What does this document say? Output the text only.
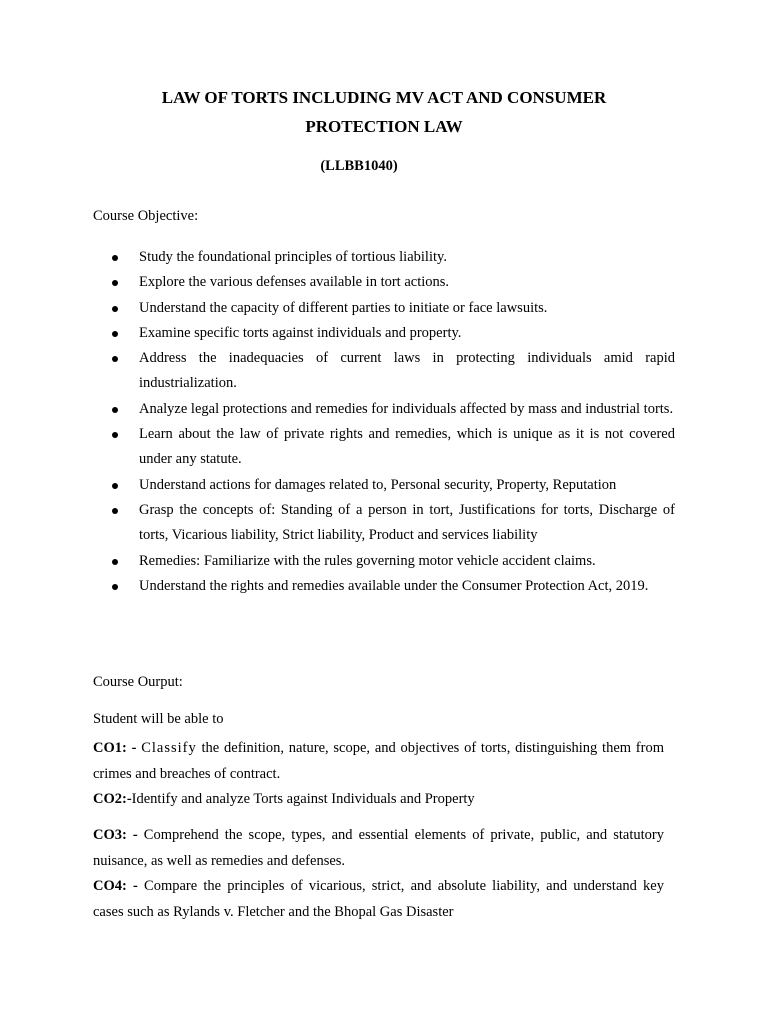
LAW OF TORTS INCLUDING MV ACT AND CONSUMER
PROTECTION LAW
(LLBB1040)
Course Objective:
Study the foundational principles of tortious liability.
Explore the various defenses available in tort actions.
Understand the capacity of different parties to initiate or face lawsuits.
Examine specific torts against individuals and property.
Address the inadequacies of current laws in protecting individuals amid rapid industrialization.
Analyze legal protections and remedies for individuals affected by mass and industrial torts.
Learn about the law of private rights and remedies, which is unique as it is not covered under any statute.
Understand actions for damages related to, Personal security, Property, Reputation
Grasp the concepts of: Standing of a person in tort, Justifications for torts, Discharge of torts, Vicarious liability, Strict liability, Product and services liability
Remedies: Familiarize with the rules governing motor vehicle accident claims.
Understand the rights and remedies available under the Consumer Protection Act, 2019.
Course Ourput:
Student will be able to
CO1: - Classify the definition, nature, scope, and objectives of torts, distinguishing them from crimes and breaches of contract.
CO2:-Identify and analyze Torts against Individuals and Property
CO3: - Comprehend the scope, types, and essential elements of private, public, and statutory nuisance, as well as remedies and defenses.
CO4: - Compare the principles of vicarious, strict, and absolute liability, and understand key cases such as Rylands v. Fletcher and the Bhopal Gas Disaster
